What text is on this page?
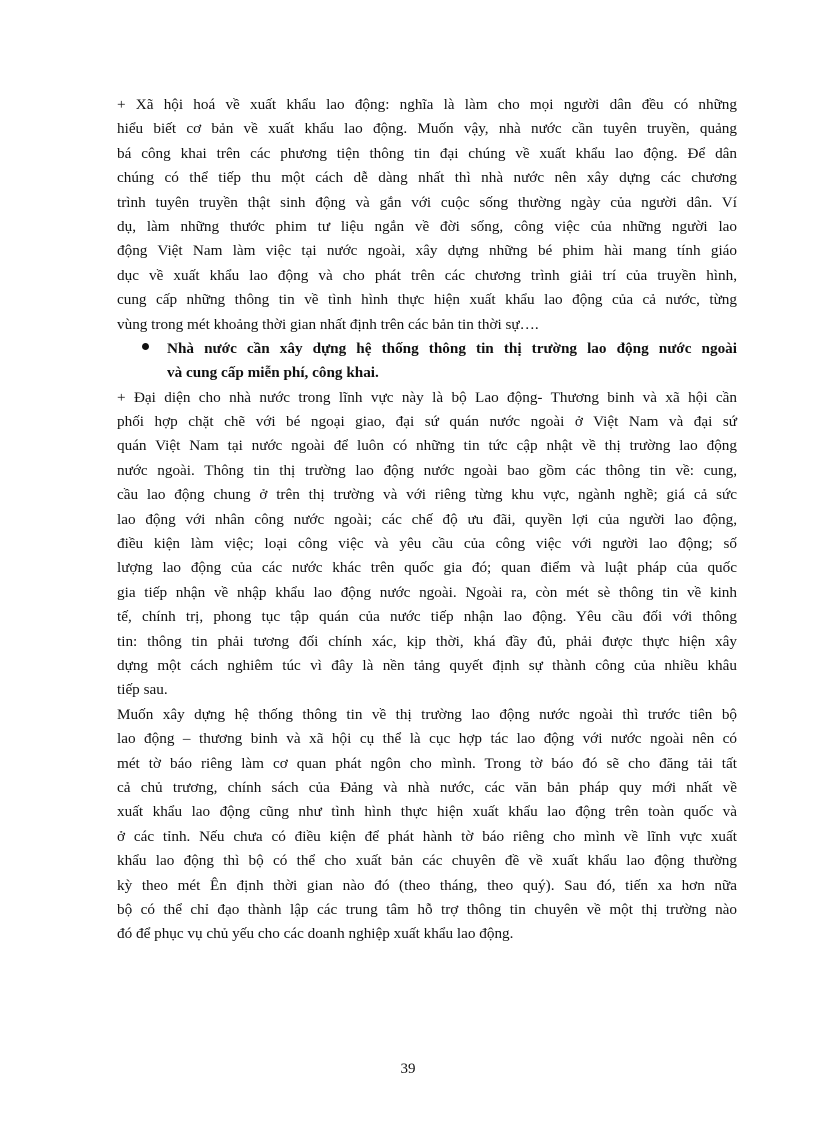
+ Xã hội hoá về xuất khẩu lao động: nghĩa là làm cho mọi người dân đều có những
hiểu biết cơ bản về xuất khẩu lao động. Muốn vậy, nhà nước cần tuyên truyền, quảng
bá công khai trên các phương tiện thông tin đại chúng về xuất khẩu lao động. Để dân
chúng có thể tiếp thu một cách dễ dàng nhất thì nhà nước nên xây dựng các chương
trình tuyên truyền thật sinh động và gắn với cuộc sống thường ngày của người dân. Ví
dụ, làm những thước phim tư liệu ngắn về đời sống, công việc của những người lao
động Việt Nam làm việc tại nước ngoài, xây dựng những bé phim hài mang tính giáo
dục về xuất khẩu lao động và cho phát trên các chương trình giải trí của truyền hình,
cung cấp những thông tin về tình hình thực hiện xuất khẩu lao động của cả nước, từng
vùng trong mét khoảng thời gian nhất định trên các bản tin thời sự….
Nhà nước cần xây dựng hệ thống thông tin thị trường lao động nước ngoài
và cung cấp miễn phí, công khai.
+ Đại diện cho nhà nước trong lĩnh vực này là bộ Lao động- Thương binh và xã hội cần
phối hợp chặt chẽ với bé ngoại giao, đại sứ quán nước ngoài ở Việt Nam và đại sứ
quán Việt Nam tại nước ngoài để luôn có những tin tức cập nhật về thị trường lao động
nước ngoài. Thông tin thị trường lao động nước ngoài bao gồm các thông tin về: cung,
cầu lao động chung ở trên thị trường và với riêng từng khu vực, ngành nghề; giá cả sức
lao động với nhân công nước ngoài; các chế độ ưu đãi, quyền lợi của người lao động,
điều kiện làm việc; loại công việc và yêu cầu của công việc với người lao động; số
lượng lao động của các nước khác trên quốc gia đó; quan điểm và luật pháp của quốc
gia tiếp nhận về nhập khẩu lao động nước ngoài. Ngoài ra, còn mét sè thông tin về kinh
tế, chính trị, phong tục tập quán của nước tiếp nhận lao động. Yêu cầu đối với thông
tin: thông tin phải tương đối chính xác, kịp thời, khá đầy đủ, phải được thực hiện xây
dựng một cách nghiêm túc vì đây là nền tảng quyết định sự thành công của nhiều khâu
tiếp sau.
Muốn xây dựng hệ thống thông tin về thị trường lao động nước ngoài thì trước tiên bộ
lao động – thương binh và xã hội cụ thể là cục hợp tác lao động với nước ngoài nên có
mét tờ báo riêng làm cơ quan phát ngôn cho mình. Trong tờ báo đó sẽ cho đăng tải tất
cả chủ trương, chính sách của Đảng và nhà nước, các văn bản pháp quy mới nhất về
xuất khẩu lao động cũng như tình hình thực hiện xuất khẩu lao động trên toàn quốc và
ở các tỉnh. Nếu chưa có điều kiện để phát hành tờ báo riêng cho mình về lĩnh vực xuất
khẩu lao động thì bộ có thể cho xuất bản các chuyên đề về xuất khẩu lao động thường
kỳ theo mét Ên định thời gian nào đó (theo tháng, theo quý). Sau đó, tiến xa hơn nữa
bộ có thể chỉ đạo thành lập các trung tâm hỗ trợ thông tin chuyên về một thị trường nào
đó để phục vụ chủ yếu cho các doanh nghiệp xuất khẩu lao động.
39
